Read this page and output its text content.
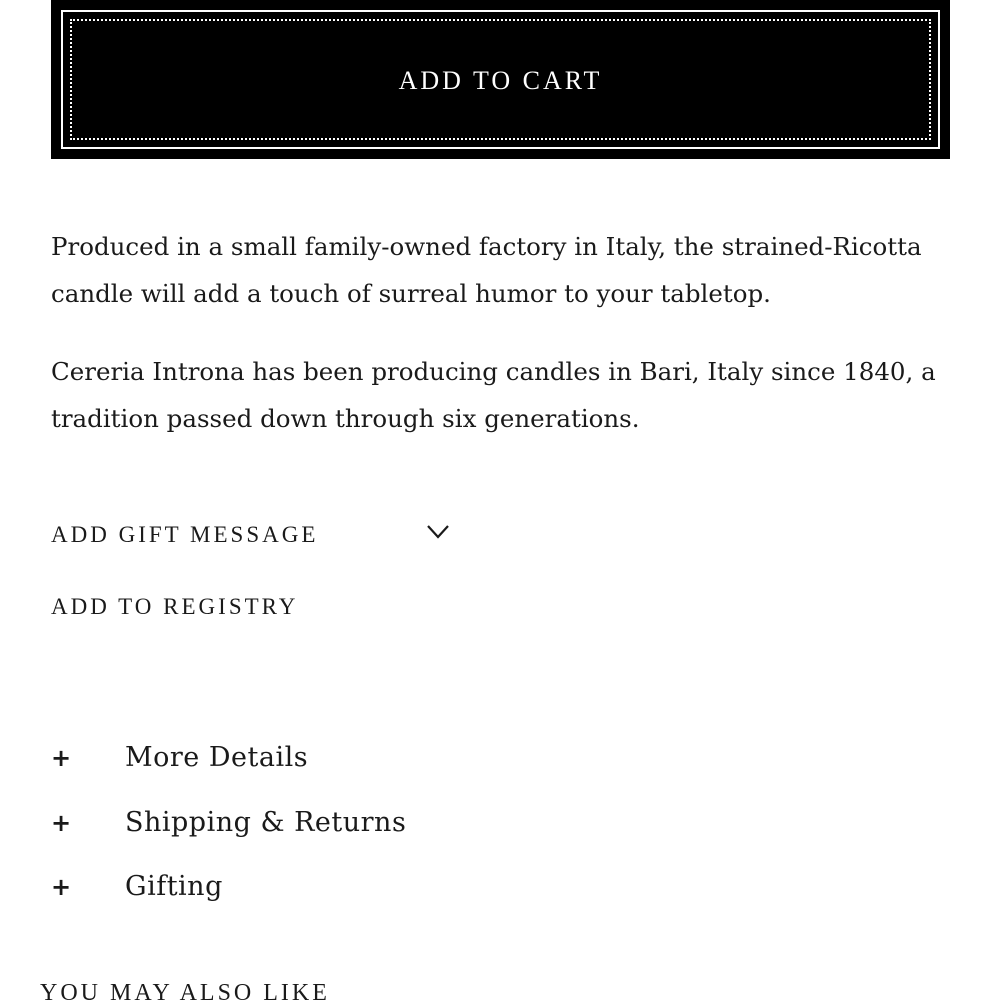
ADD TO CART

Produced in a small family-owned factory in Italy, the strained-Ricotta candle will add a touch of surreal humor to your tabletop.

Cereria Introna has been producing candles in Bari, Italy since 1840, a tradition passed down through six generations.

ADD GIFT MESSAGE
ADD TO REGISTRY
+ More Details
+ Shipping & Returns
+ Gifting
YOU MAY ALSO LIKE
